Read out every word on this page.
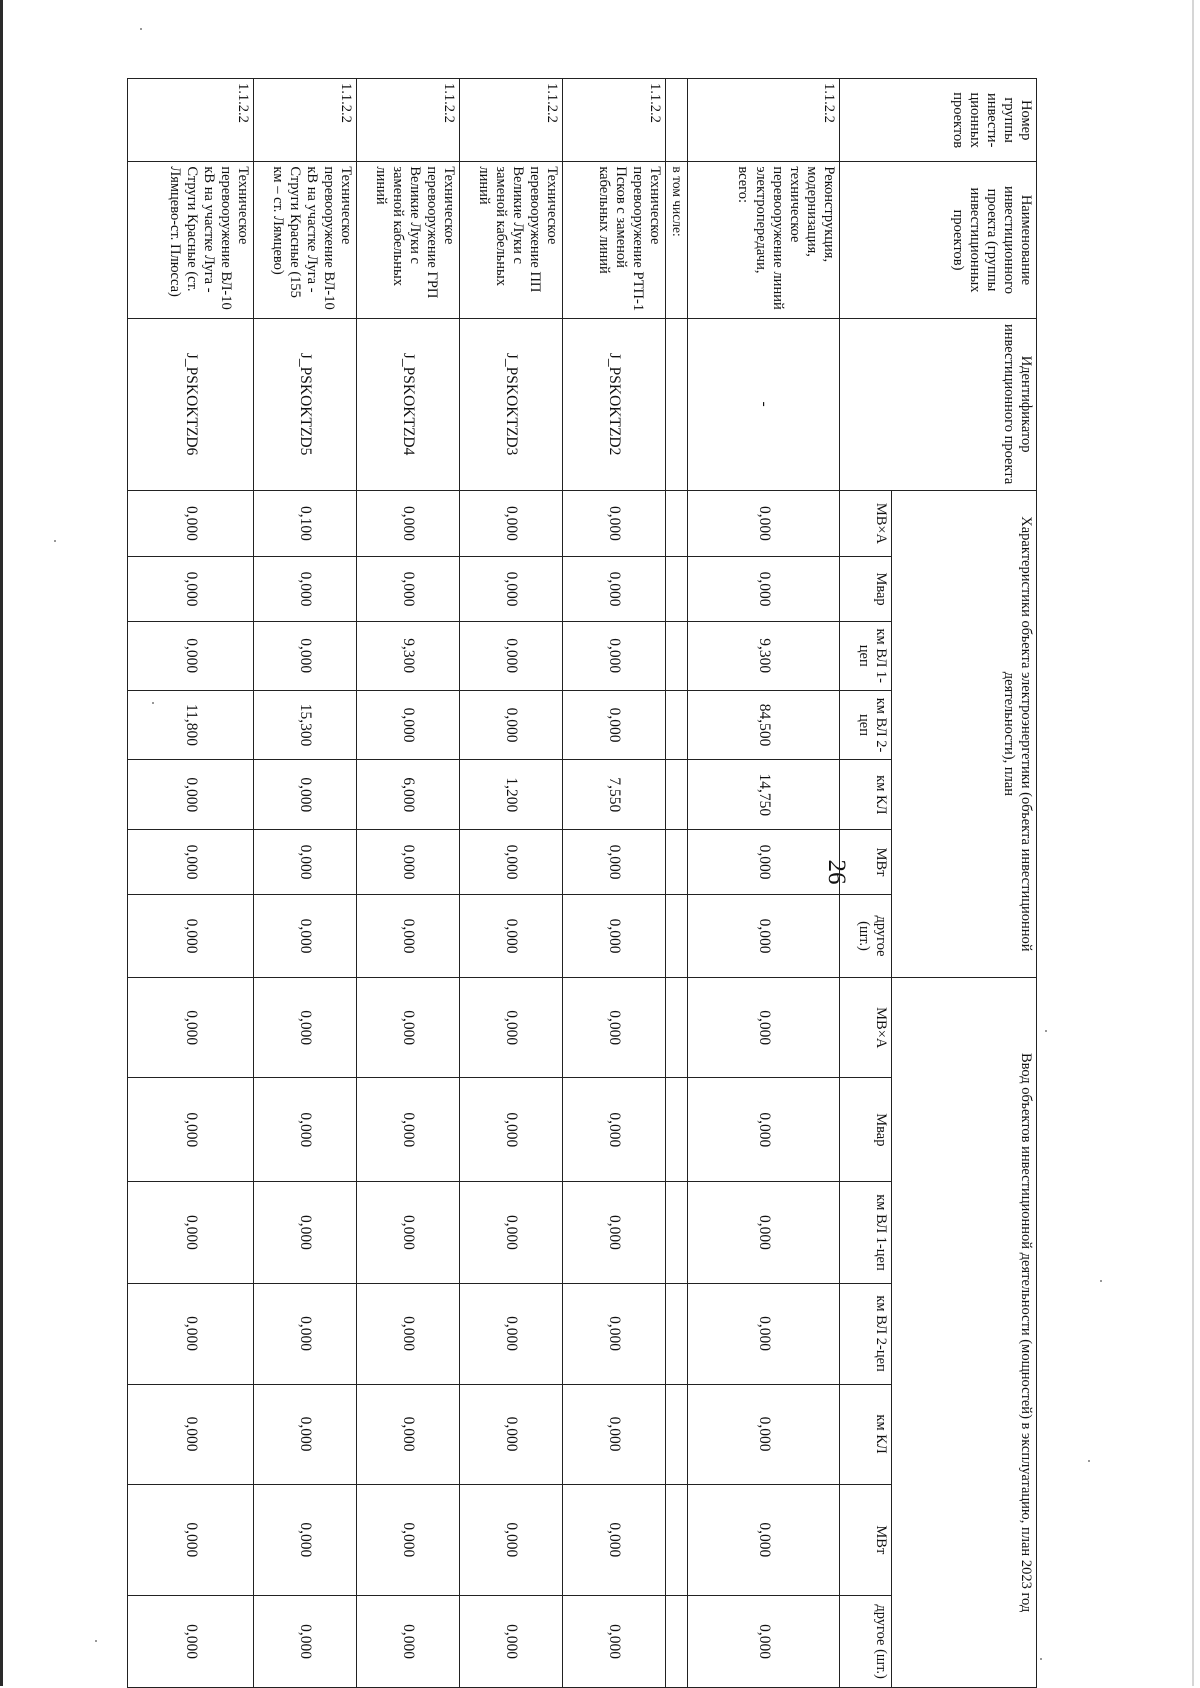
26
Номер группы инвести-ционных проектов	Наименование инвестиционного проекта (группы инвестиционных проектов)	Идентификатор инвестиционного проекта	Характеристики объекта электроэнергетики (объекта инвестиционной деятельности), план							Ввод объектов инвестиционной деятельности (мощностей) в эксплуатацию, план 2023 год						
			МВ×А	Мвар	км ВЛ 1-цеп	км ВЛ 2-цеп	км КЛ	МВт	другое (шт.)	МВ×А	Мвар	км ВЛ 1-цеп	км ВЛ 2-цеп	км КЛ	МВт	другое (шт.)
1.1.2.2	Реконструкция, модернизация, техническое перевооружение линий электропередачи, всего:	-	0,000	0,000	9,300	84,500	14,750	0,000	0,000	0,000	0,000	0,000	0,000	0,000	0,000	0,000
	в том числе:															
1.1.2.2	Техническое перевооружение РТП-1 Псков с заменой кабельных линий	J_PSKOKTZD2	0,000	0,000	0,000	0,000	7,550	0,000	0,000	0,000	0,000	0,000	0,000	0,000	0,000	0,000
1.1.2.2	Техническое перевооружение ПП Великие Луки с заменой кабельных линий	J_PSKOKTZD3	0,000	0,000	0,000	0,000	1,200	0,000	0,000	0,000	0,000	0,000	0,000	0,000	0,000	0,000
1.1.2.2	Техническое перевооружение ГРП Великие Луки с заменой кабельных линий	J_PSKOKTZD4	0,000	0,000	9,300	0,000	6,000	0,000	0,000	0,000	0,000	0,000	0,000	0,000	0,000	0,000
1.1.2.2	Техническое перевооружение ВЛ-10 кВ на участке Луга - Струги Красные (155 км – ст. Лямцево)	J_PSKOKTZD5	0,100	0,000	0,000	15,300	0,000	0,000	0,000	0,000	0,000	0,000	0,000	0,000	0,000	0,000
1.1.2.2	Техническое перевооружение ВЛ-10 кВ на участке Луга - Струги Красные (ст. Лямцево-ст. Плюсса)	J_PSKOKTZD6	0,000	0,000	0,000	11,800	0,000	0,000	0,000	0,000	0,000	0,000	0,000	0,000	0,000	0,000
